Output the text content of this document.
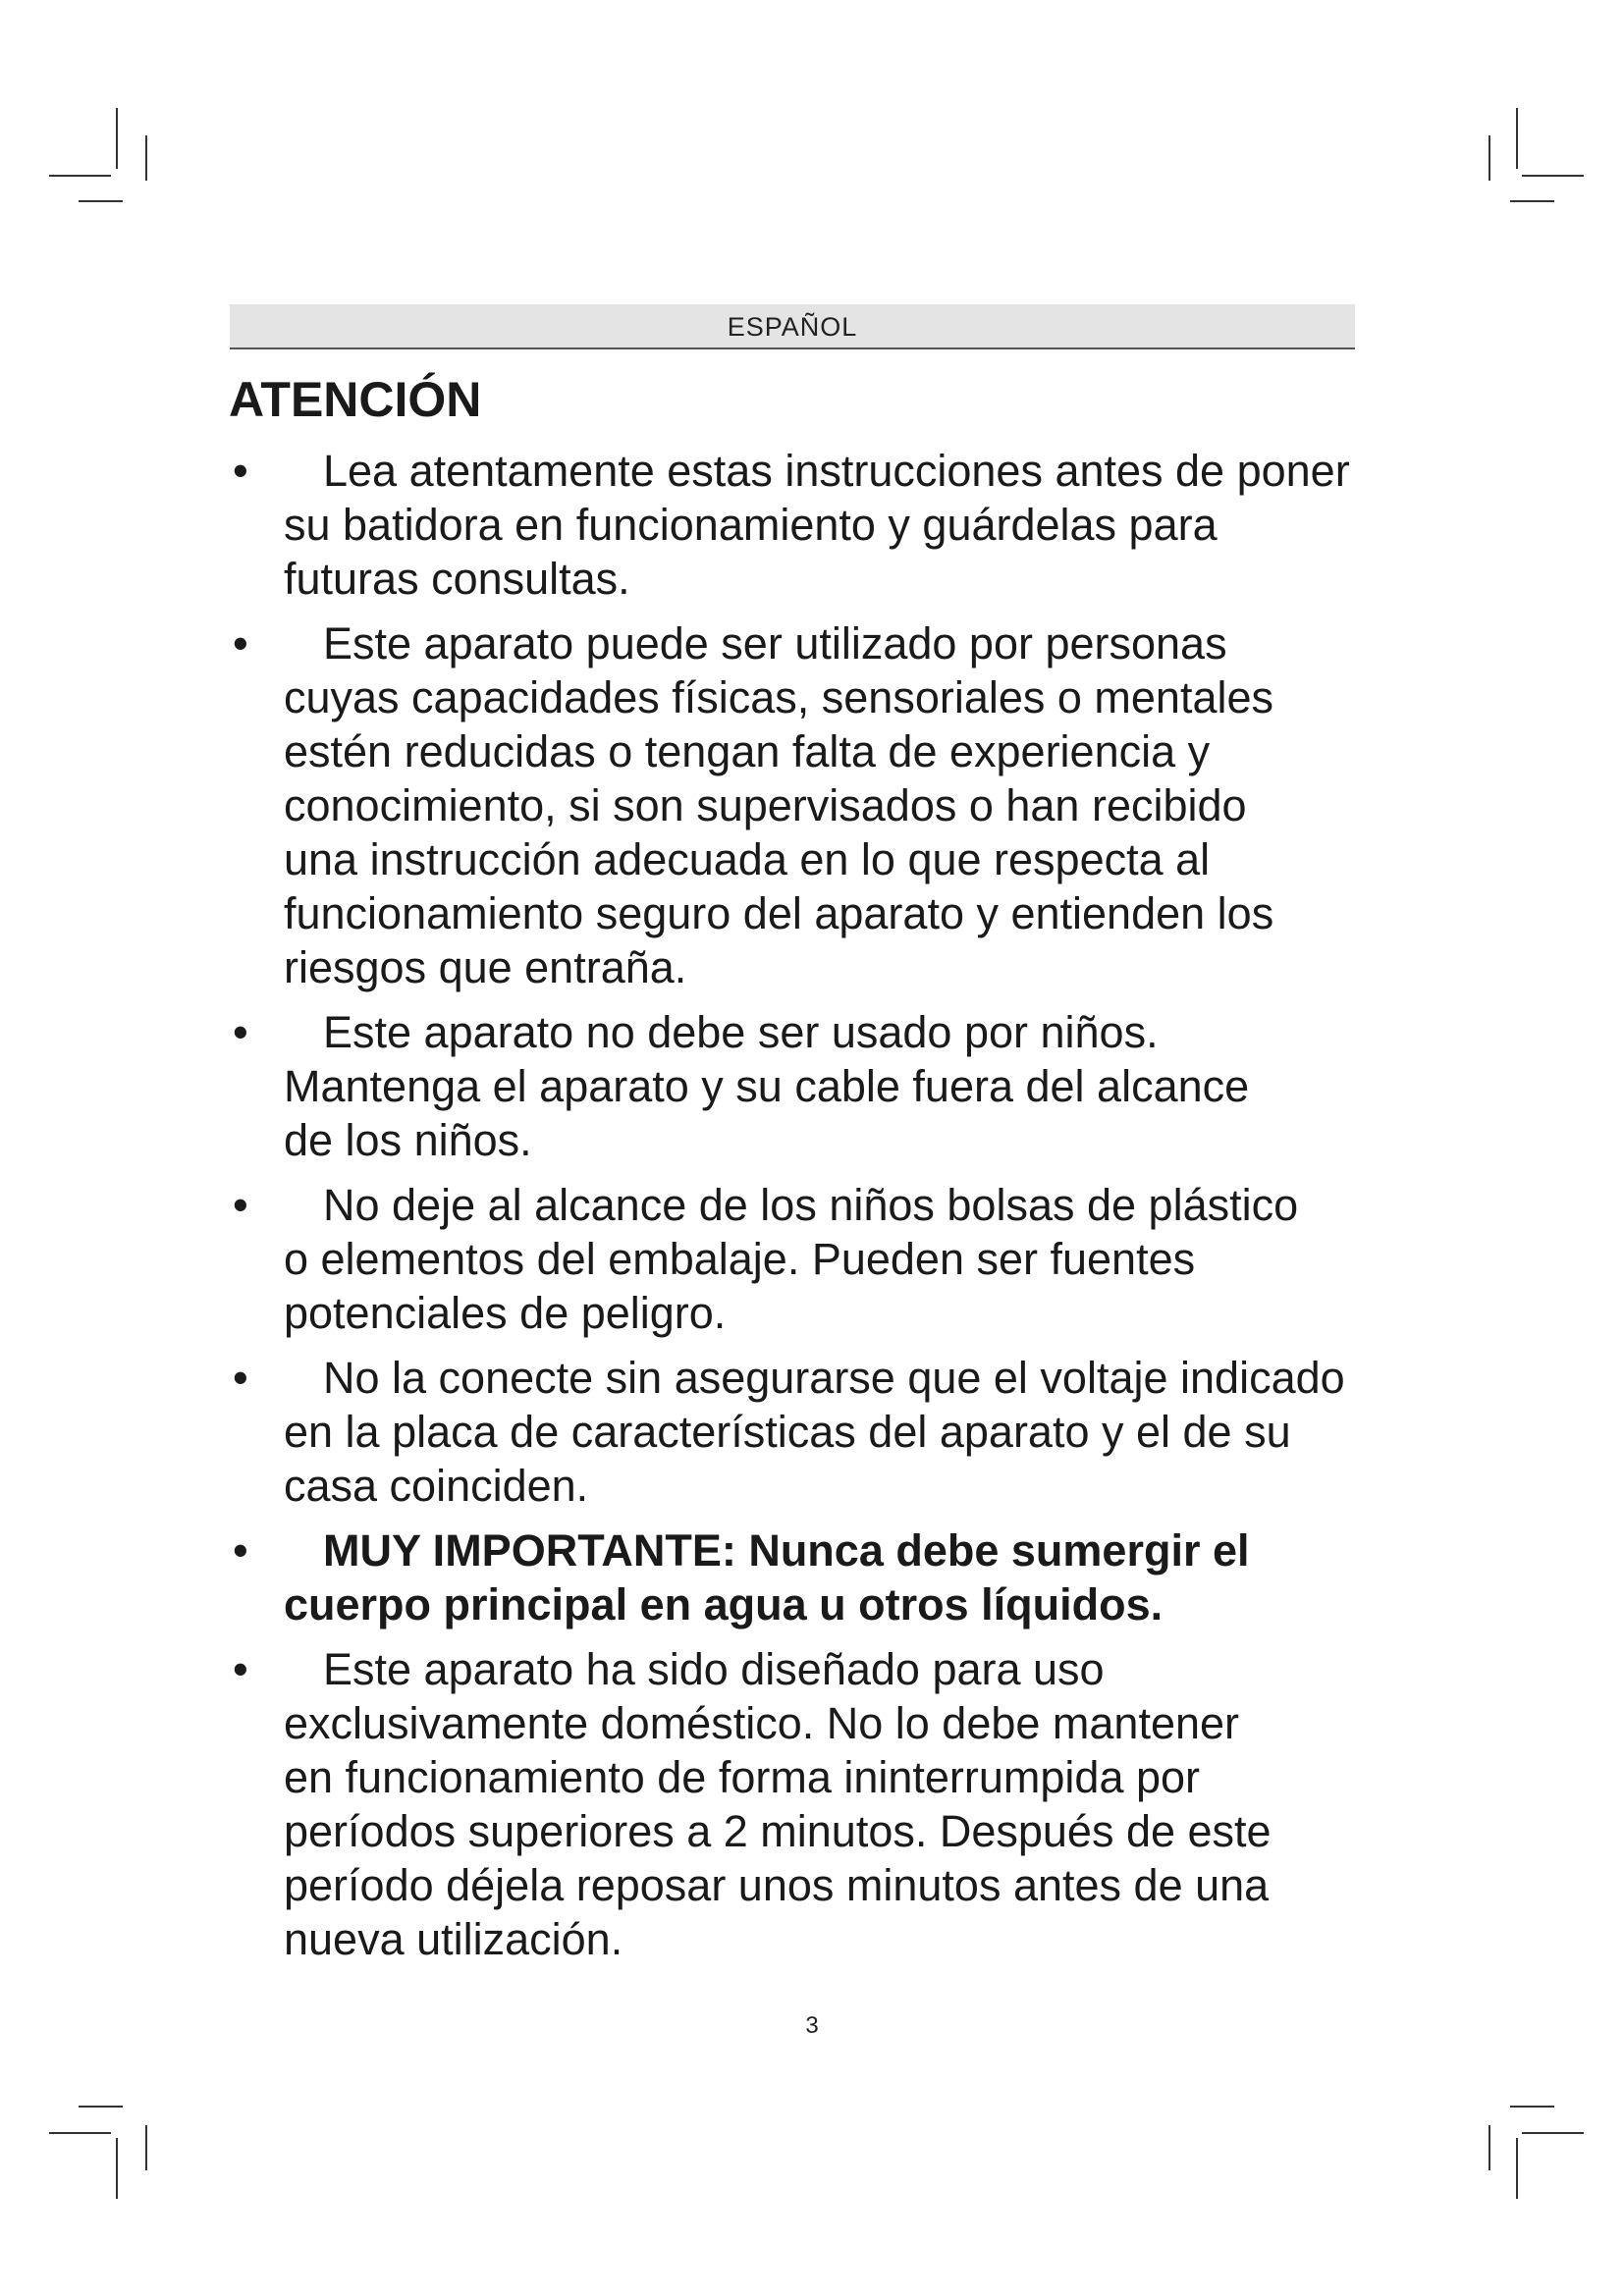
ESPAÑOL
ATENCIÓN
• Lea atentamente estas instrucciones antes de poner
su batidora en funcionamiento y guárdelas para
futuras consultas.
• Este aparato puede ser utilizado por personas
cuyas capacidades físicas, sensoriales o mentales
estén reducidas o tengan falta de experiencia y
conocimiento, si son supervisados o han recibido
una instrucción adecuada en lo que respecta al
funcionamiento seguro del aparato y entienden los
riesgos que entraña.
• Este aparato no debe ser usado por niños.
Mantenga el aparato y su cable fuera del alcance
de los niños.
• No deje al alcance de los niños bolsas de plástico
o elementos del embalaje. Pueden ser fuentes
potenciales de peligro.
• No la conecte sin asegurarse que el voltaje indicado
en la placa de características del aparato y el de su
casa coinciden.
• MUY IMPORTANTE: Nunca debe sumergir el
cuerpo principal en agua u otros líquidos.
• Este aparato ha sido diseñado para uso
exclusivamente doméstico. No lo debe mantener
en funcionamiento de forma ininterrumpida por
períodos superiores a 2 minutos. Después de este
período déjela reposar unos minutos antes de una
nueva utilización.
3
